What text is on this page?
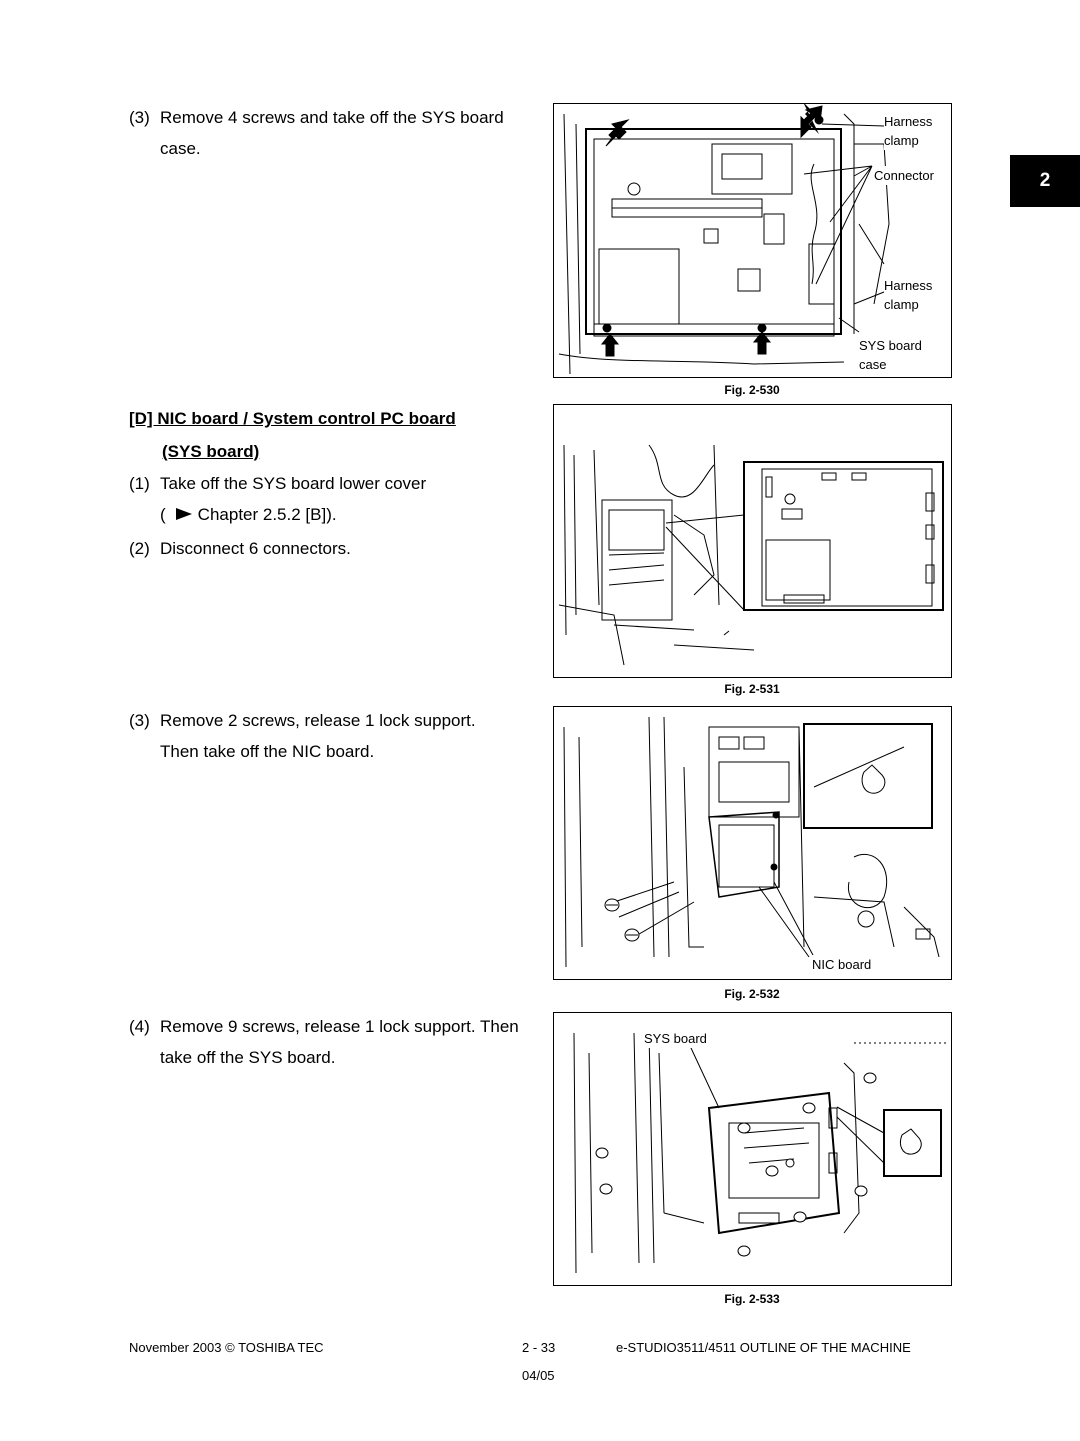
2
(3) Remove 4 screws and take off the SYS board
case.
[D] NIC board / System control PC board
(SYS board)
(1) Take off the SYS board lower cover
( Chapter 2.5.2 [B]).
(2) Disconnect 6 connectors.
(3) Remove 2 screws, release 1 lock support.
Then take off the NIC board.
(4) Remove 9 screws, release 1 lock support. Then
take off the SYS board.
Harness
clamp
Connector
Harness
clamp
SYS board
case
Fig. 2-530
Fig. 2-531
NIC board
Fig. 2-532
SYS board
Fig. 2-533
November 2003 © TOSHIBA TEC	2 - 33	e-STUDIO3511/4511 OUTLINE OF THE MACHINE
04/05
